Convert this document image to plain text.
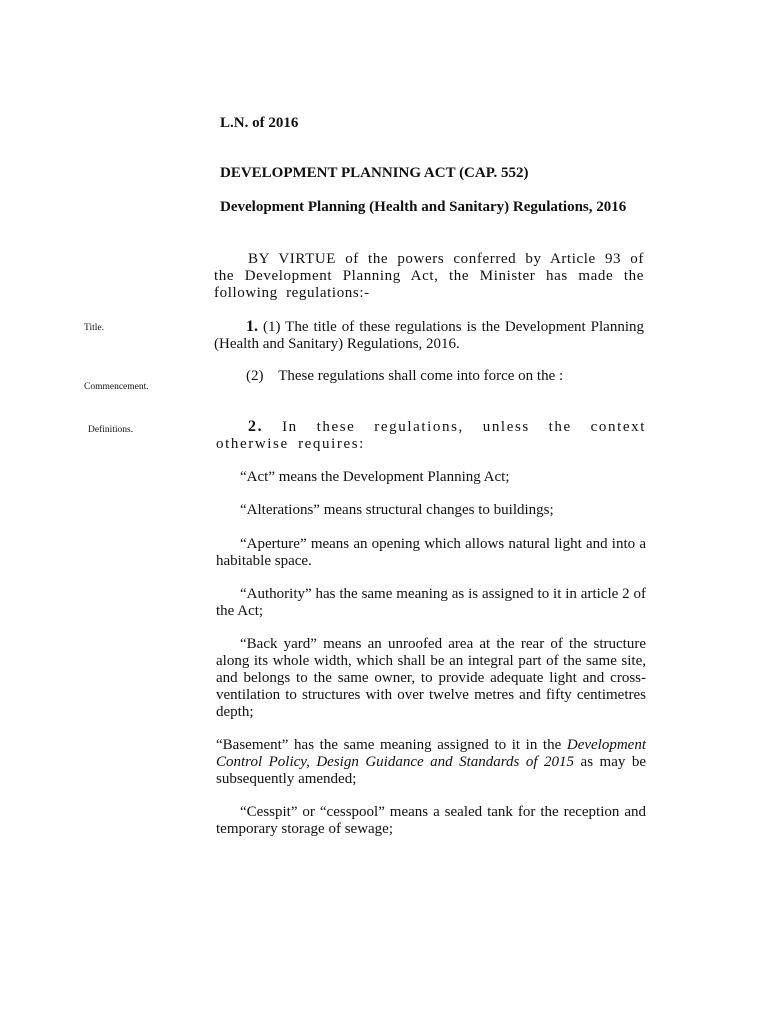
L.N. of 2016
DEVELOPMENT PLANNING ACT (CAP. 552)
Development Planning (Health and Sanitary) Regulations, 2016
BY VIRTUE of the powers conferred by Article 93 of the Development Planning Act, the Minister has made the following regulations:-
Title.	1. (1) The title of these regulations is the Development Planning (Health and Sanitary) Regulations, 2016.
Commencement.
(2) These regulations shall come into force on the :
Definitions.	2. In these regulations, unless the context otherwise requires:
“Act” means the Development Planning Act;
“Alterations” means structural changes to buildings;
“Aperture” means an opening which allows natural light and into a habitable space.
“Authority” has the same meaning as is assigned to it in article 2 of the Act;
“Back yard” means an unroofed area at the rear of the structure along its whole width, which shall be an integral part of the same site, and belongs to the same owner, to provide adequate light and cross-ventilation to structures with over twelve metres and fifty centimetres depth;
“Basement” has the same meaning assigned to it in the Development Control Policy, Design Guidance and Standards of 2015 as may be subsequently amended;
“Cesspit” or “cesspool” means a sealed tank for the reception and temporary storage of sewage;
